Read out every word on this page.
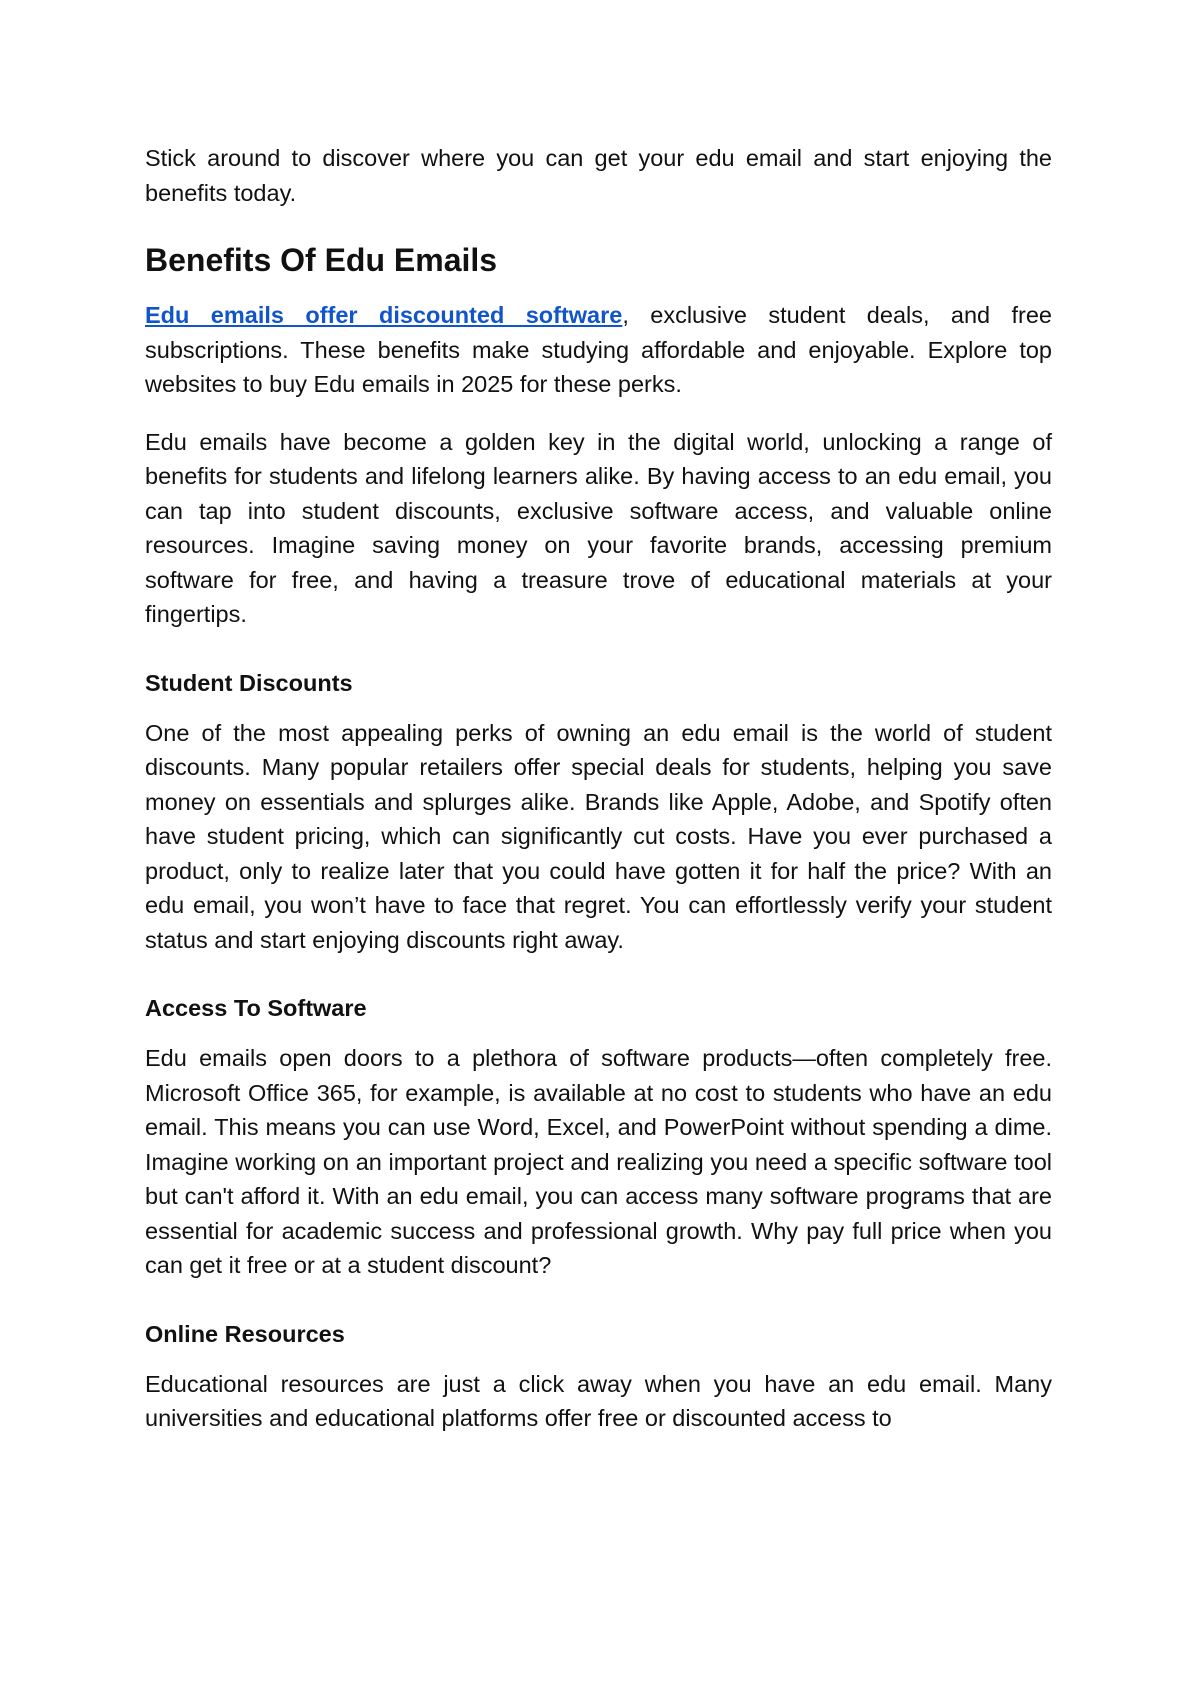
Stick around to discover where you can get your edu email and start enjoying the benefits today.

Benefits Of Edu Emails

Edu emails offer discounted software, exclusive student deals, and free subscriptions. These benefits make studying affordable and enjoyable. Explore top websites to buy Edu emails in 2025 for these perks.

Edu emails have become a golden key in the digital world, unlocking a range of benefits for students and lifelong learners alike. By having access to an edu email, you can tap into student discounts, exclusive software access, and valuable online resources. Imagine saving money on your favorite brands, accessing premium software for free, and having a treasure trove of educational materials at your fingertips.

Student Discounts

One of the most appealing perks of owning an edu email is the world of student discounts. Many popular retailers offer special deals for students, helping you save money on essentials and splurges alike. Brands like Apple, Adobe, and Spotify often have student pricing, which can significantly cut costs. Have you ever purchased a product, only to realize later that you could have gotten it for half the price? With an edu email, you won’t have to face that regret. You can effortlessly verify your student status and start enjoying discounts right away.

Access To Software

Edu emails open doors to a plethora of software products—often completely free. Microsoft Office 365, for example, is available at no cost to students who have an edu email. This means you can use Word, Excel, and PowerPoint without spending a dime. Imagine working on an important project and realizing you need a specific software tool but can't afford it. With an edu email, you can access many software programs that are essential for academic success and professional growth. Why pay full price when you can get it free or at a student discount?

Online Resources

Educational resources are just a click away when you have an edu email. Many universities and educational platforms offer free or discounted access to
